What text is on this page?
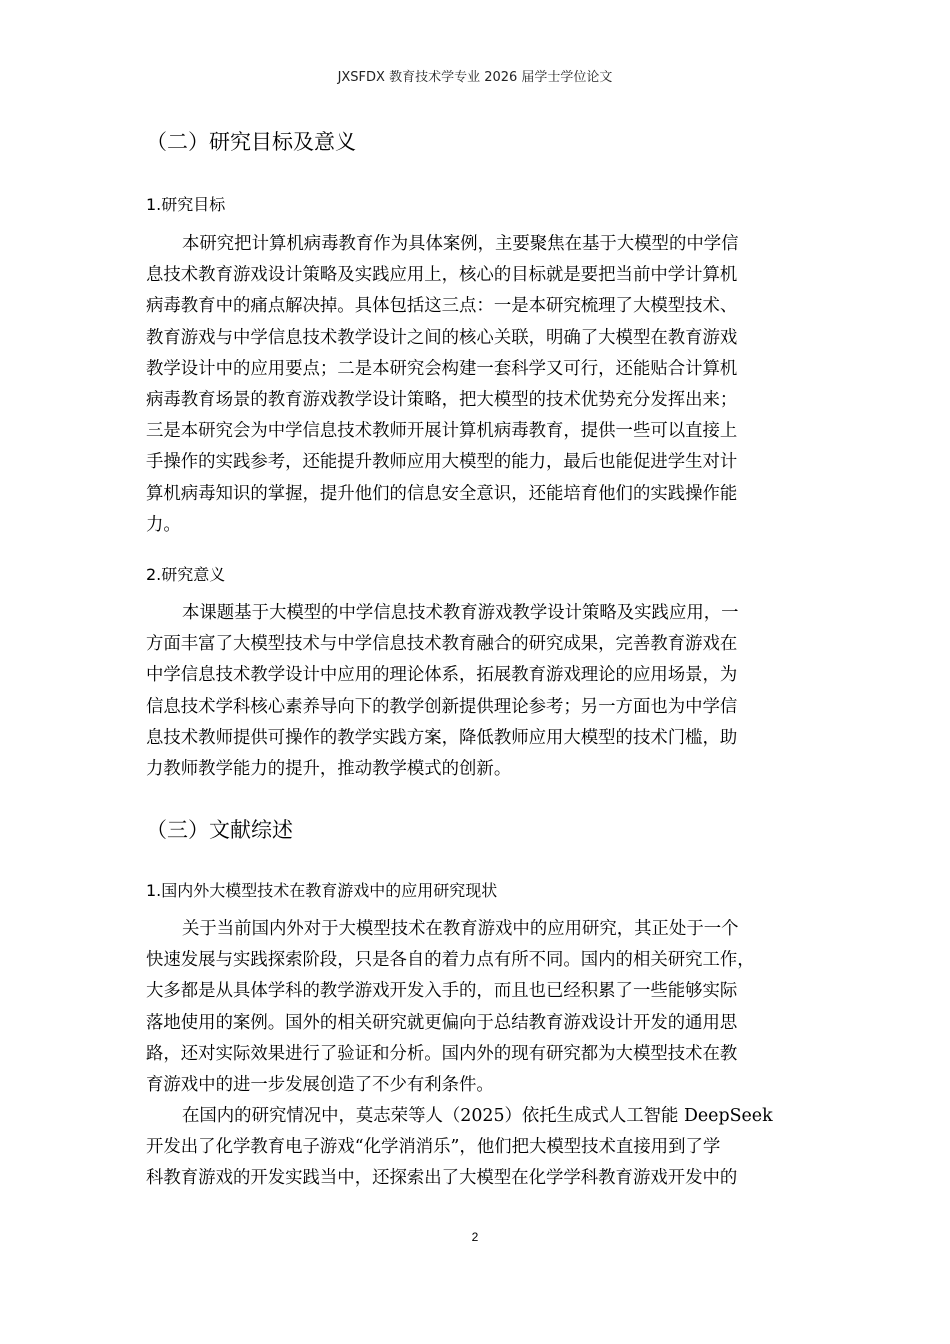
JXSFDX 教育技术学专业 2026 届学士学位论文
（二）研究目标及意义
1.研究目标
本研究把计算机病毒教育作为具体案例，主要聚焦在基于大模型的中学信
息技术教育游戏设计策略及实践应用上，核心的目标就是要把当前中学计算机
病毒教育中的痛点解决掉。具体包括这三点：一是本研究梳理了大模型技术、
教育游戏与中学信息技术教学设计之间的核心关联，明确了大模型在教育游戏
教学设计中的应用要点；二是本研究会构建一套科学又可行，还能贴合计算机
病毒教育场景的教育游戏教学设计策略，把大模型的技术优势充分发挥出来；
三是本研究会为中学信息技术教师开展计算机病毒教育，提供一些可以直接上
手操作的实践参考，还能提升教师应用大模型的能力，最后也能促进学生对计
算机病毒知识的掌握，提升他们的信息安全意识，还能培育他们的实践操作能
力。
2.研究意义
本课题基于大模型的中学信息技术教育游戏教学设计策略及实践应用，一
方面丰富了大模型技术与中学信息技术教育融合的研究成果，完善教育游戏在
中学信息技术教学设计中应用的理论体系，拓展教育游戏理论的应用场景，为
信息技术学科核心素养导向下的教学创新提供理论参考；另一方面也为中学信
息技术教师提供可操作的教学实践方案，降低教师应用大模型的技术门槛，助
力教师教学能力的提升，推动教学模式的创新。
（三）文献综述
1.国内外大模型技术在教育游戏中的应用研究现状
关于当前国内外对于大模型技术在教育游戏中的应用研究，其正处于一个
快速发展与实践探索阶段，只是各自的着力点有所不同。国内的相关研究工作，
大多都是从具体学科的教学游戏开发入手的，而且也已经积累了一些能够实际
落地使用的案例。国外的相关研究就更偏向于总结教育游戏设计开发的通用思
路，还对实际效果进行了验证和分析。国内外的现有研究都为大模型技术在教
育游戏中的进一步发展创造了不少有利条件。
在国内的研究情况中，莫志荣等人（2025）依托生成式人工智能 DeepSeek
开发出了化学教育电子游戏“化学消消乐”，他们把大模型技术直接用到了学
科教育游戏的开发实践当中，还探索出了大模型在化学学科教育游戏开发中的
2
